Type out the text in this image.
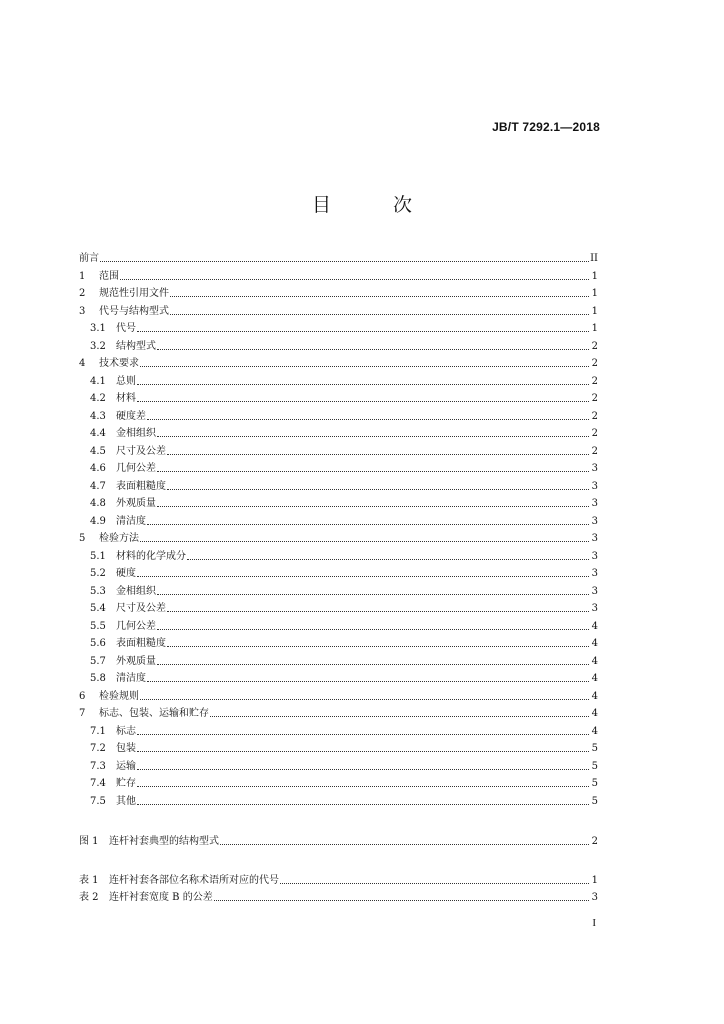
JB/T 7292.1—2018
目 次
前言	II
1	范围	1
2	规范性引用文件	1
3	代号与结构型式	1
3.1	代号	1
3.2	结构型式	2
4	技术要求	2
4.1	总则	2
4.2	材料	2
4.3	硬度差	2
4.4	金相组织	2
4.5	尺寸及公差	2
4.6	几何公差	3
4.7	表面粗糙度	3
4.8	外观质量	3
4.9	清洁度	3
5	检验方法	3
5.1	材料的化学成分	3
5.2	硬度	3
5.3	金相组织	3
5.4	尺寸及公差	3
5.5	几何公差	4
5.6	表面粗糙度	4
5.7	外观质量	4
5.8	清洁度	4
6	检验规则	4
7	标志、包装、运输和贮存	4
7.1	标志	4
7.2	包装	5
7.3	运输	5
7.4	贮存	5
7.5	其他	5
图 1	连杆衬套典型的结构型式	2
表 1	连杆衬套各部位名称术语所对应的代号	1
表 2	连杆衬套宽度 B 的公差	3
I
